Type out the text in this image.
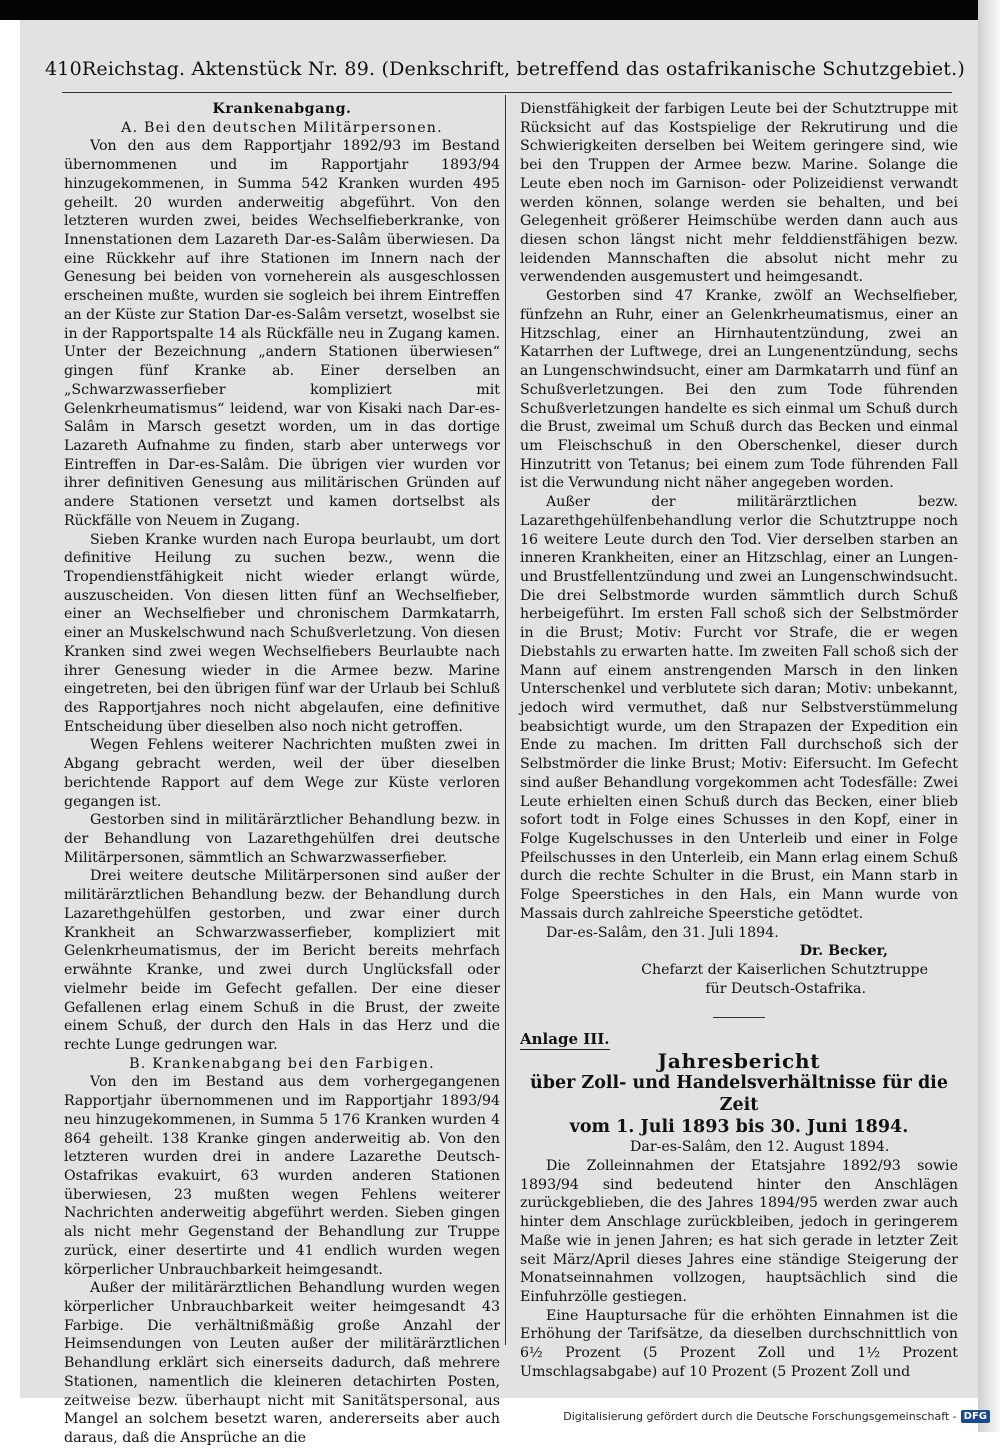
410 Reichstag. Aktenstück Nr. 89. (Denkschrift, betreffend das ostafrikanische Schutzgebiet.)

Krankenabgang.

A. Bei den deutschen Militärpersonen.

Von den aus dem Rapportjahr 1892/93 im Bestand übernommenen und im Rapportjahr 1893/94 hinzugekommenen, in Summa 542 Kranken wurden 495 geheilt. 20 wurden anderweitig abgeführt. Von den letzteren wurden zwei, beides Wechselfieberkranke, von Innenstationen dem Lazareth Dar-es-Salâm überwiesen. Da eine Rückkehr auf ihre Stationen im Innern nach der Genesung bei beiden von vorneherein als ausgeschlossen erscheinen mußte, wurden sie sogleich bei ihrem Eintreffen an der Küste zur Station Dar-es-Salâm versetzt, woselbst sie in der Rapportspalte 14 als Rückfälle neu in Zugang kamen. Unter der Bezeichnung „andern Stationen überwiesen“ gingen fünf Kranke ab. Einer derselben an „Schwarzwasserfieber kompliziert mit Gelenkrheumatismus“ leidend, war von Kisaki nach Dar-es-Salâm in Marsch gesetzt worden, um in das dortige Lazareth Aufnahme zu finden, starb aber unterwegs vor Eintreffen in Dar-es-Salâm. Die übrigen vier wurden vor ihrer definitiven Genesung aus militärischen Gründen auf andere Stationen versetzt und kamen dortselbst als Rückfälle von Neuem in Zugang.

Sieben Kranke wurden nach Europa beurlaubt, um dort definitive Heilung zu suchen bezw., wenn die Tropendienstfähigkeit nicht wieder erlangt würde, auszuscheiden. Von diesen litten fünf an Wechselfieber, einer an Wechselfieber und chronischem Darmkatarrh, einer an Muskelschwund nach Schußverletzung. Von diesen Kranken sind zwei wegen Wechselfiebers Beurlaubte nach ihrer Genesung wieder in die Armee bezw. Marine eingetreten, bei den übrigen fünf war der Urlaub bei Schluß des Rapportjahres noch nicht abgelaufen, eine definitive Entscheidung über dieselben also noch nicht getroffen.

Wegen Fehlens weiterer Nachrichten mußten zwei in Abgang gebracht werden, weil der über dieselben berichtende Rapport auf dem Wege zur Küste verloren gegangen ist.

Gestorben sind in militärärztlicher Behandlung bezw. in der Behandlung von Lazarethgehülfen drei deutsche Militärpersonen, sämmtlich an Schwarzwasserfieber.

Drei weitere deutsche Militärpersonen sind außer der militärärztlichen Behandlung bezw. der Behandlung durch Lazarethgehülfen gestorben, und zwar einer durch Krankheit an Schwarzwasserfieber, kompliziert mit Gelenkrheumatismus, der im Bericht bereits mehrfach erwähnte Kranke, und zwei durch Unglücksfall oder vielmehr beide im Gefecht gefallen. Der eine dieser Gefallenen erlag einem Schuß in die Brust, der zweite einem Schuß, der durch den Hals in das Herz und die rechte Lunge gedrungen war.

B. Krankenabgang bei den Farbigen.

Von den im Bestand aus dem vorhergegangenen Rapportjahr übernommenen und im Rapportjahr 1893/94 neu hinzugekommenen, in Summa 5 176 Kranken wurden 4 864 geheilt. 138 Kranke gingen anderweitig ab. Von den letzteren wurden drei in andere Lazarethe Deutsch-Ostafrikas evakuirt, 63 wurden anderen Stationen überwiesen, 23 mußten wegen Fehlens weiterer Nachrichten anderweitig abgeführt werden. Sieben gingen als nicht mehr Gegenstand der Behandlung zur Truppe zurück, einer desertirte und 41 endlich wurden wegen körperlicher Unbrauchbarkeit heimgesandt.

Außer der militärärztlichen Behandlung wurden wegen körperlicher Unbrauchbarkeit weiter heimgesandt 43 Farbige. Die verhältnißmäßig große Anzahl der Heimsendungen von Leuten außer der militärärztlichen Behandlung erklärt sich einerseits dadurch, daß mehrere Stationen, namentlich die kleineren detachirten Posten, zeitweise bezw. überhaupt nicht mit Sanitätspersonal, aus Mangel an solchem besetzt waren, andererseits aber auch daraus, daß die Ansprüche an die

Dienstfähigkeit der farbigen Leute bei der Schutztruppe mit Rücksicht auf das Kostspielige der Rekrutirung und die Schwierigkeiten derselben bei Weitem geringere sind, wie bei den Truppen der Armee bezw. Marine. Solange die Leute eben noch im Garnison- oder Polizeidienst verwandt werden können, solange werden sie behalten, und bei Gelegenheit größerer Heimschübe werden dann auch aus diesen schon längst nicht mehr felddienstfähigen bezw. leidenden Mannschaften die absolut nicht mehr zu verwendenden ausgemustert und heimgesandt.

Gestorben sind 47 Kranke, zwölf an Wechselfieber, fünfzehn an Ruhr, einer an Gelenkrheumatismus, einer an Hitzschlag, einer an Hirnhautentzündung, zwei an Katarrhen der Luftwege, drei an Lungenentzündung, sechs an Lungenschwindsucht, einer am Darmkatarrh und fünf an Schußverletzungen. Bei den zum Tode führenden Schußverletzungen handelte es sich einmal um Schuß durch die Brust, zweimal um Schuß durch das Becken und einmal um Fleischschuß in den Oberschenkel, dieser durch Hinzutritt von Tetanus; bei einem zum Tode führenden Fall ist die Verwundung nicht näher angegeben worden.

Außer der militärärztlichen bezw. Lazarethgehülfenbehandlung verlor die Schutztruppe noch 16 weitere Leute durch den Tod. Vier derselben starben an inneren Krankheiten, einer an Hitzschlag, einer an Lungen- und Brustfellentzündung und zwei an Lungenschwindsucht. Die drei Selbstmorde wurden sämmtlich durch Schuß herbeigeführt. Im ersten Fall schoß sich der Selbstmörder in die Brust; Motiv: Furcht vor Strafe, die er wegen Diebstahls zu erwarten hatte. Im zweiten Fall schoß sich der Mann auf einem anstrengenden Marsch in den linken Unterschenkel und verblutete sich daran; Motiv: unbekannt, jedoch wird vermuthet, daß nur Selbstverstümmelung beabsichtigt wurde, um den Strapazen der Expedition ein Ende zu machen. Im dritten Fall durchschoß sich der Selbstmörder die linke Brust; Motiv: Eifersucht. Im Gefecht sind außer Behandlung vorgekommen acht Todesfälle: Zwei Leute erhielten einen Schuß durch das Becken, einer blieb sofort todt in Folge eines Schusses in den Kopf, einer in Folge Kugelschusses in den Unterleib und einer in Folge Pfeilschusses in den Unterleib, ein Mann erlag einem Schuß durch die rechte Schulter in die Brust, ein Mann starb in Folge Speerstiches in den Hals, ein Mann wurde von Massais durch zahlreiche Speerstiche getödtet.

Dar-es-Salâm, den 31. Juli 1894.

Dr. Becker,

Chefarzt der Kaiserlichen Schutztruppe

für Deutsch-Ostafrika.

Anlage III.

Jahresbericht

über Zoll- und Handelsverhältnisse für die Zeit

vom 1. Juli 1893 bis 30. Juni 1894.

Dar-es-Salâm, den 12. August 1894.

Die Zolleinnahmen der Etatsjahre 1892/93 sowie 1893/94 sind bedeutend hinter den Anschlägen zurückgeblieben, die des Jahres 1894/95 werden zwar auch hinter dem Anschlage zurückbleiben, jedoch in geringerem Maße wie in jenen Jahren; es hat sich gerade in letzter Zeit seit März/April dieses Jahres eine ständige Steigerung der Monatseinnahmen vollzogen, hauptsächlich sind die Einfuhrzölle gestiegen.

Eine Hauptursache für die erhöhten Einnahmen ist die Erhöhung der Tarifsätze, da dieselben durchschnittlich von 6½ Prozent (5 Prozent Zoll und 1½ Prozent Umschlagsabgabe) auf 10 Prozent (5 Prozent Zoll und

Digitalisierung gefördert durch die Deutsche Forschungsgemeinschaft - DFG
